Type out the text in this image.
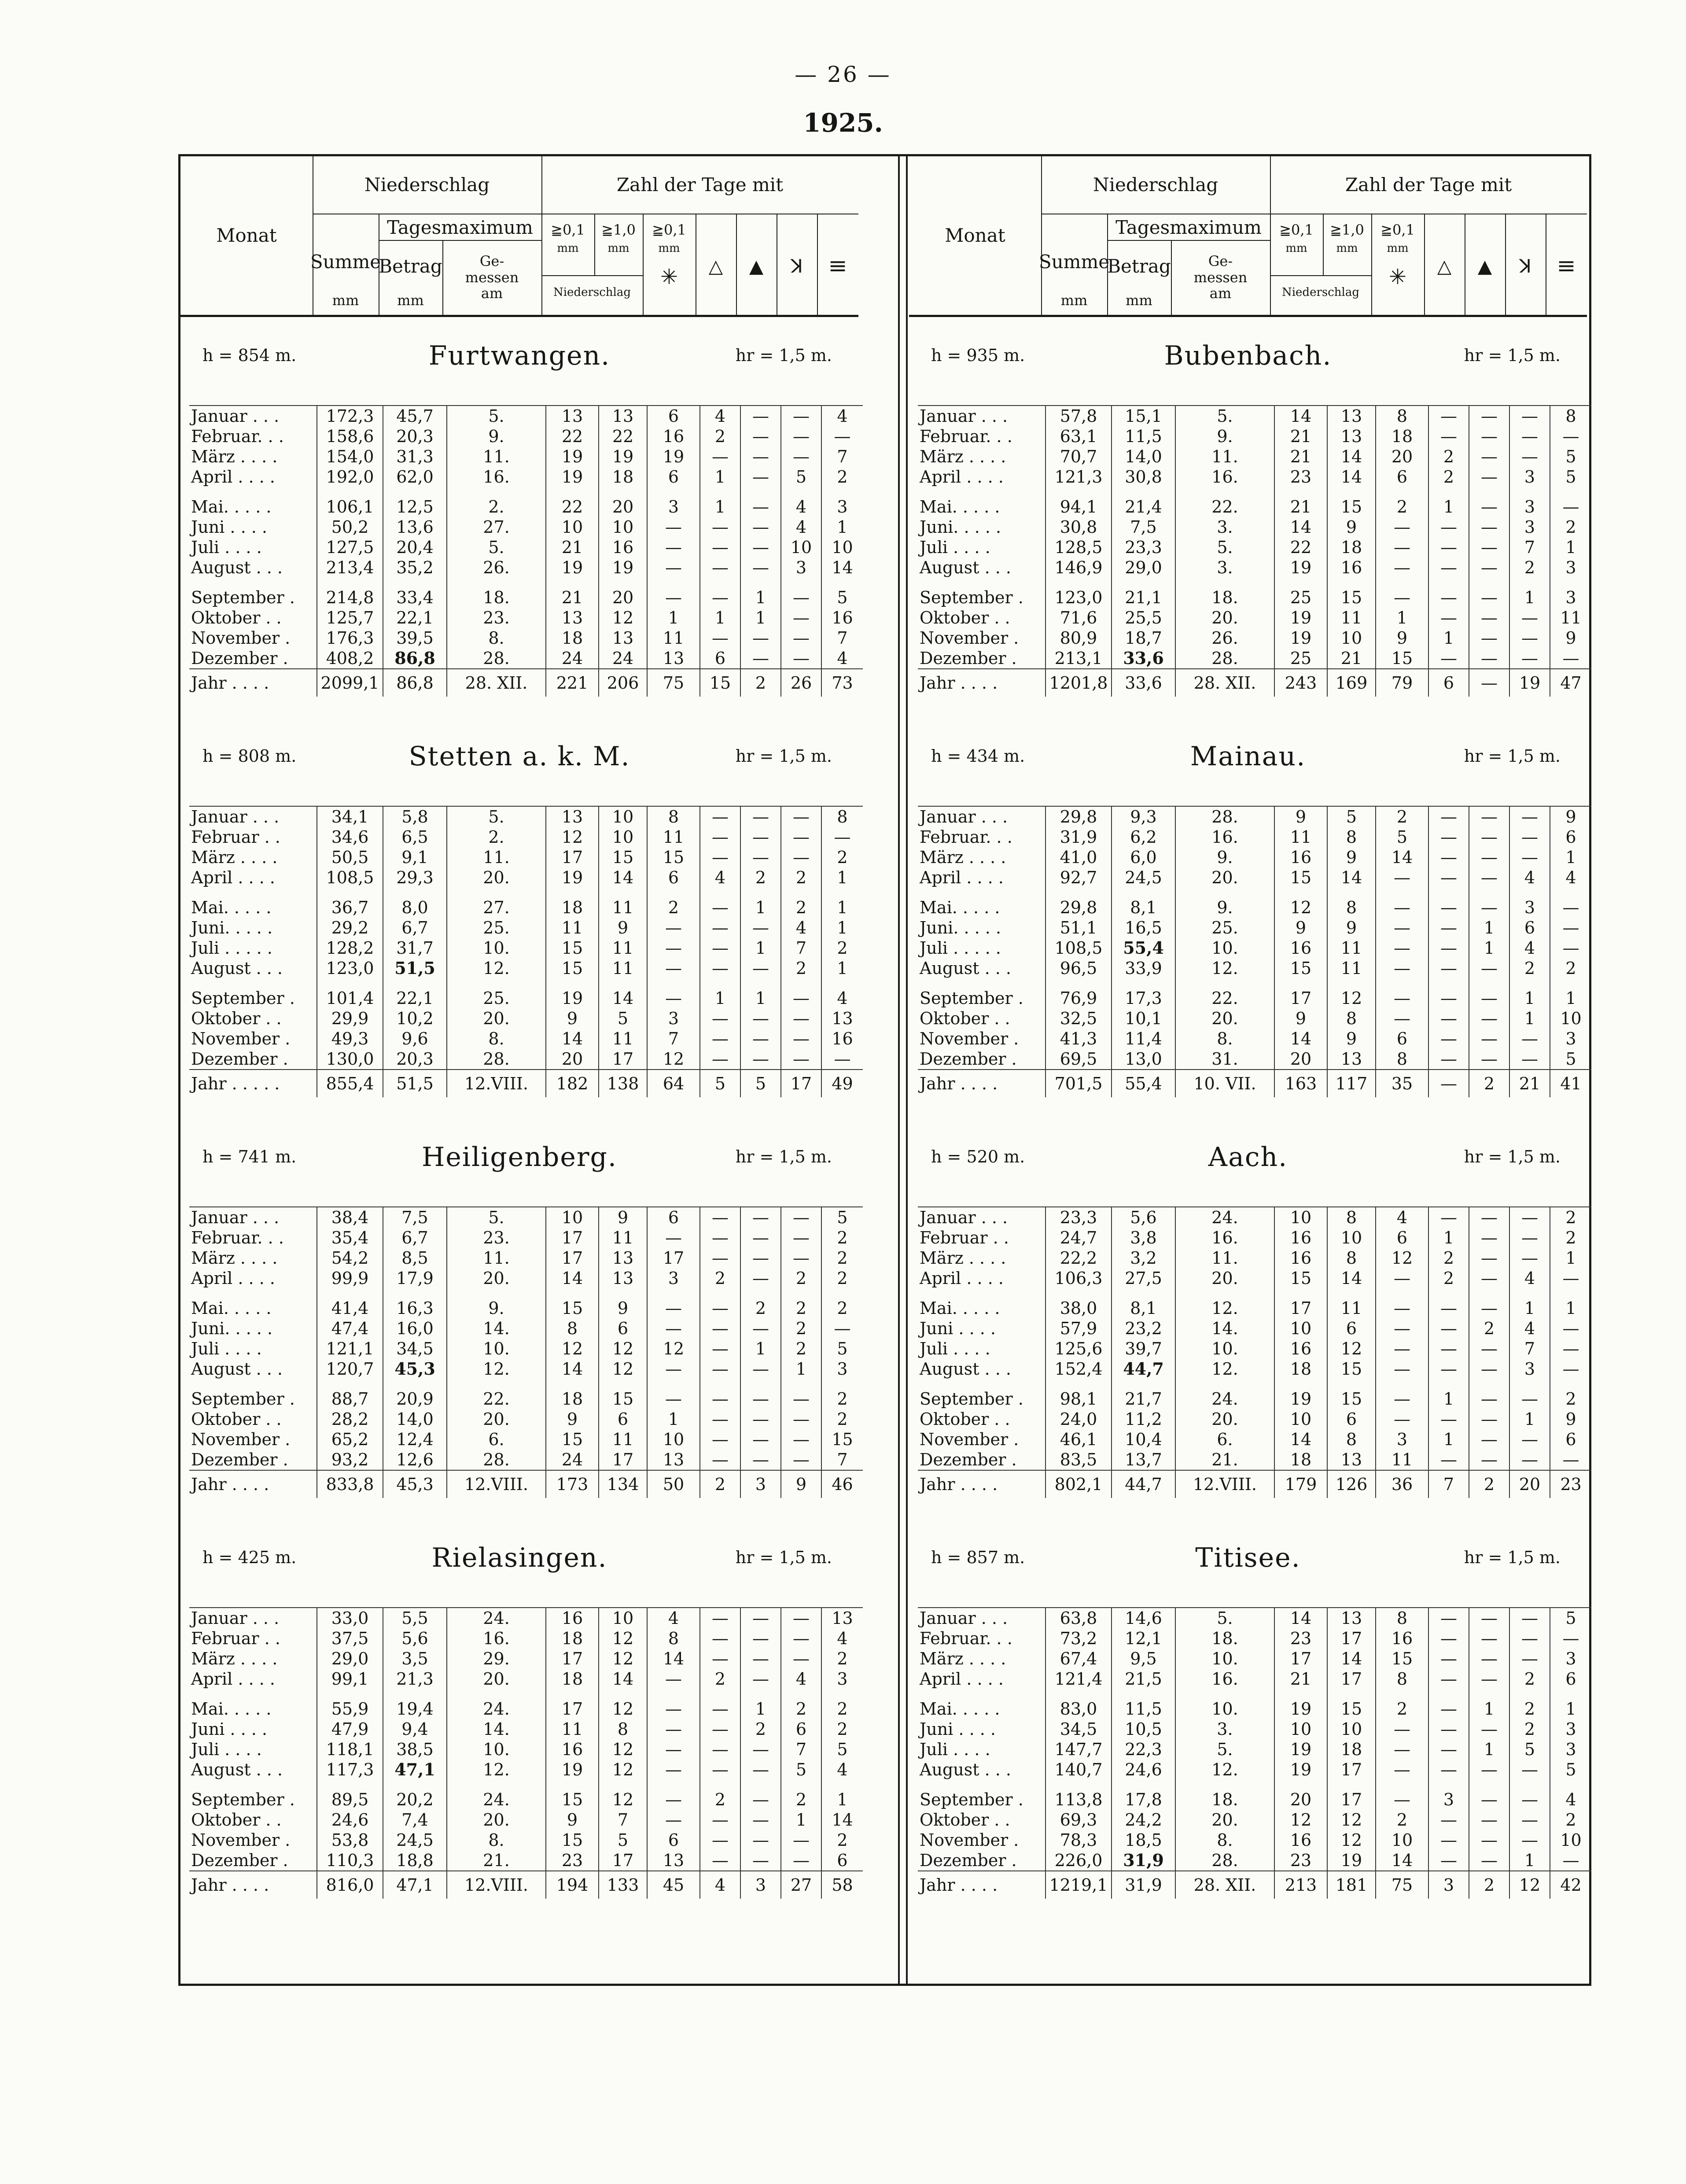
— 26 —
1925.
Monat
Niederschlag	Zahl der Tage mit
Summe
mm
Tagesmaximum
Betrag
mm
Ge-
messen
am
≧0,1
mm
≧1,0
mm
Niederschlag
≧0,1
mm
✳	△	▲	ꓘ	≡
h = 854 m.	Furtwangen.	hr = 1,5 m.
Januar . . .	172,3	45,7	5.	13	13	6	4	—	—	4
Februar. . .	158,6	20,3	9.	22	22	16	2	—	—	—
März . . . .	154,0	31,3	11.	19	19	19	—	—	—	7
April . . . .	192,0	62,0	16.	19	18	6	1	—	5	2
Mai. . . . .	106,1	12,5	2.	22	20	3	1	—	4	3
Juni . . . .	50,2	13,6	27.	10	10	—	—	—	4	1
Juli . . . .	127,5	20,4	5.	21	16	—	—	—	10	10
August . . .	213,4	35,2	26.	19	19	—	—	—	3	14
September .	214,8	33,4	18.	21	20	—	—	1	—	5
Oktober . .	125,7	22,1	23.	13	12	1	1	1	—	16
November .	176,3	39,5	8.	18	13	11	—	—	—	7
Dezember .	408,2	86,8	28.	24	24	13	6	—	—	4
Jahr . . . .	2099,1	86,8	28. XII.	221	206	75	15	2	26	73
h = 808 m.	Stetten a. k. M.	hr = 1,5 m.
Januar . . .	34,1	5,8	5.	13	10	8	—	—	—	8
Februar . .	34,6	6,5	2.	12	10	11	—	—	—	—
März . . . .	50,5	9,1	11.	17	15	15	—	—	—	2
April . . . .	108,5	29,3	20.	19	14	6	4	2	2	1
Mai. . . . .	36,7	8,0	27.	18	11	2	—	1	2	1
Juni. . . . .	29,2	6,7	25.	11	9	—	—	—	4	1
Juli . . . . .	128,2	31,7	10.	15	11	—	—	1	7	2
August . . .	123,0	51,5	12.	15	11	—	—	—	2	1
September .	101,4	22,1	25.	19	14	—	1	1	—	4
Oktober . .	29,9	10,2	20.	9	5	3	—	—	—	13
November .	49,3	9,6	8.	14	11	7	—	—	—	16
Dezember .	130,0	20,3	28.	20	17	12	—	—	—	—
Jahr . . . . .	855,4	51,5	12.VIII.	182	138	64	5	5	17	49
h = 741 m.	Heiligenberg.	hr = 1,5 m.
Januar . . .	38,4	7,5	5.	10	9	6	—	—	—	5
Februar. . .	35,4	6,7	23.	17	11	—	—	—	—	2
März . . . .	54,2	8,5	11.	17	13	17	—	—	—	2
April . . . .	99,9	17,9	20.	14	13	3	2	—	2	2
Mai. . . . .	41,4	16,3	9.	15	9	—	—	2	2	2
Juni. . . . .	47,4	16,0	14.	8	6	—	—	—	2	—
Juli . . . .	121,1	34,5	10.	12	12	12	—	1	2	5
August . . .	120,7	45,3	12.	14	12	—	—	—	1	3
September .	88,7	20,9	22.	18	15	—	—	—	—	2
Oktober . .	28,2	14,0	20.	9	6	1	—	—	—	2
November .	65,2	12,4	6.	15	11	10	—	—	—	15
Dezember .	93,2	12,6	28.	24	17	13	—	—	—	7
Jahr . . . .	833,8	45,3	12.VIII.	173	134	50	2	3	9	46
h = 425 m.	Rielasingen.	hr = 1,5 m.
Januar . . .	33,0	5,5	24.	16	10	4	—	—	—	13
Februar . .	37,5	5,6	16.	18	12	8	—	—	—	4
März . . . .	29,0	3,5	29.	17	12	14	—	—	—	2
April . . . .	99,1	21,3	20.	18	14	—	2	—	4	3
Mai. . . . .	55,9	19,4	24.	17	12	—	—	1	2	2
Juni . . . .	47,9	9,4	14.	11	8	—	—	2	6	2
Juli . . . .	118,1	38,5	10.	16	12	—	—	—	7	5
August . . .	117,3	47,1	12.	19	12	—	—	—	5	4
September .	89,5	20,2	24.	15	12	—	2	—	2	1
Oktober . .	24,6	7,4	20.	9	7	—	—	—	1	14
November .	53,8	24,5	8.	15	5	6	—	—	—	2
Dezember .	110,3	18,8	21.	23	17	13	—	—	—	6
Jahr . . . .	816,0	47,1	12.VIII.	194	133	45	4	3	27	58
Monat
Niederschlag	Zahl der Tage mit
Summe
mm
Tagesmaximum
Betrag
mm
Ge-
messen
am
≧0,1
mm
≧1,0
mm
Niederschlag
≧0,1
mm
✳	△	▲	ꓘ	≡
h = 935 m.	Bubenbach.	hr = 1,5 m.
Januar . . .	57,8	15,1	5.	14	13	8	—	—	—	8
Februar. . .	63,1	11,5	9.	21	13	18	—	—	—	—
März . . . .	70,7	14,0	11.	21	14	20	2	—	—	5
April . . . .	121,3	30,8	16.	23	14	6	2	—	3	5
Mai. . . . .	94,1	21,4	22.	21	15	2	1	—	3	—
Juni. . . . .	30,8	7,5	3.	14	9	—	—	—	3	2
Juli . . . .	128,5	23,3	5.	22	18	—	—	—	7	1
August . . .	146,9	29,0	3.	19	16	—	—	—	2	3
September .	123,0	21,1	18.	25	15	—	—	—	1	3
Oktober . .	71,6	25,5	20.	19	11	1	—	—	—	11
November .	80,9	18,7	26.	19	10	9	1	—	—	9
Dezember .	213,1	33,6	28.	25	21	15	—	—	—	—
Jahr . . . .	1201,8	33,6	28. XII.	243	169	79	6	—	19	47
h = 434 m.	Mainau.	hr = 1,5 m.
Januar . . .	29,8	9,3	28.	9	5	2	—	—	—	9
Februar. . .	31,9	6,2	16.	11	8	5	—	—	—	6
März . . . .	41,0	6,0	9.	16	9	14	—	—	—	1
April . . . .	92,7	24,5	20.	15	14	—	—	—	4	4
Mai. . . . .	29,8	8,1	9.	12	8	—	—	—	3	—
Juni. . . . .	51,1	16,5	25.	9	9	—	—	1	6	—
Juli . . . . .	108,5	55,4	10.	16	11	—	—	1	4	—
August . . .	96,5	33,9	12.	15	11	—	—	—	2	2
September .	76,9	17,3	22.	17	12	—	—	—	1	1
Oktober . .	32,5	10,1	20.	9	8	—	—	—	1	10
November .	41,3	11,4	8.	14	9	6	—	—	—	3
Dezember .	69,5	13,0	31.	20	13	8	—	—	—	5
Jahr . . . .	701,5	55,4	10. VII.	163	117	35	—	2	21	41
h = 520 m.	Aach.	hr = 1,5 m.
Januar . . .	23,3	5,6	24.	10	8	4	—	—	—	2
Februar . .	24,7	3,8	16.	16	10	6	1	—	—	2
März . . . .	22,2	3,2	11.	16	8	12	2	—	—	1
April . . . .	106,3	27,5	20.	15	14	—	2	—	4	—
Mai. . . . .	38,0	8,1	12.	17	11	—	—	—	1	1
Juni . . . .	57,9	23,2	14.	10	6	—	—	2	4	—
Juli . . . .	125,6	39,7	10.	16	12	—	—	—	7	—
August . . .	152,4	44,7	12.	18	15	—	—	—	3	—
September .	98,1	21,7	24.	19	15	—	1	—	—	2
Oktober . .	24,0	11,2	20.	10	6	—	—	—	1	9
November .	46,1	10,4	6.	14	8	3	1	—	—	6
Dezember .	83,5	13,7	21.	18	13	11	—	—	—	—
Jahr . . . .	802,1	44,7	12.VIII.	179	126	36	7	2	20	23
h = 857 m.	Titisee.	hr = 1,5 m.
Januar . . .	63,8	14,6	5.	14	13	8	—	—	—	5
Februar. . .	73,2	12,1	18.	23	17	16	—	—	—	—
März . . . .	67,4	9,5	10.	17	14	15	—	—	—	3
April . . . .	121,4	21,5	16.	21	17	8	—	—	2	6
Mai. . . . .	83,0	11,5	10.	19	15	2	—	1	2	1
Juni . . . .	34,5	10,5	3.	10	10	—	—	—	2	3
Juli . . . .	147,7	22,3	5.	19	18	—	—	1	5	3
August . . .	140,7	24,6	12.	19	17	—	—	—	—	5
September .	113,8	17,8	18.	20	17	—	3	—	—	4
Oktober . .	69,3	24,2	20.	12	12	2	—	—	—	2
November .	78,3	18,5	8.	16	12	10	—	—	—	10
Dezember .	226,0	31,9	28.	23	19	14	—	—	1	—
Jahr . . . .	1219,1	31,9	28. XII.	213	181	75	3	2	12	42
